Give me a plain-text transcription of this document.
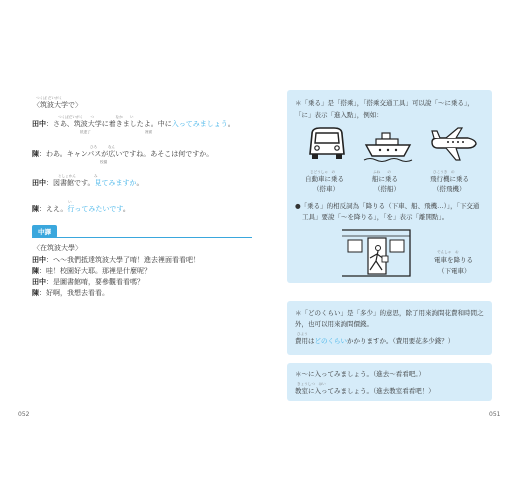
つくば だいがく
〈筑波大学で〉
つくばだいがく　　つ　　　　　　なか　　い
田中：さあ、筑波大学に着きましたよ。中に入ってみましょう。
抵達了	裡面
ひろ　　　なん
陳：わあ。キャンパスが広いですね。あそこは何ですか。
校園
としょかん　　　　　み
田中：図書館です。見てみますか。
い
陳：ええ。行ってみたいです。
中譯
〈在筑波大學〉
田中：へ～我們抵達筑波大學了唷！進去裡面看看吧！
陳：哇！校園好大耶。那裡是什麼呢？
田中：是圖書館唷，要參觀看看嗎？
陳：好啊，我想去看看。
052
＊「乗る」是「搭乘」，「搭乘交通工具」可以說「～に乗る」，
「に」表示「進入點」，例如：
じどうしゃ　の
自動車に乗る
（搭車）
ふね　　の
船に乗る
（搭船）
ひこうき　の
飛行機に乗る
（搭飛機）
●「乗る」的相反詞為「降りる（下車、船、飛機…）」，「下交通
工具」要說「～を降りる」，「を」表示「離開點」。
でんしゃ　お
電車を降りる
（下電車）
＊「どのくらい」是「多少」的意思，除了用來詢問花費和時間之
外，也可以用來詢問價錢。
ひよう
費用はどのくらいかかりますか。（費用要花多少錢？）
＊～に入ってみましょう。（進去～看看吧。）
きょうしつ　はい
教室に入ってみましょう。（進去教室看看吧！）
051
